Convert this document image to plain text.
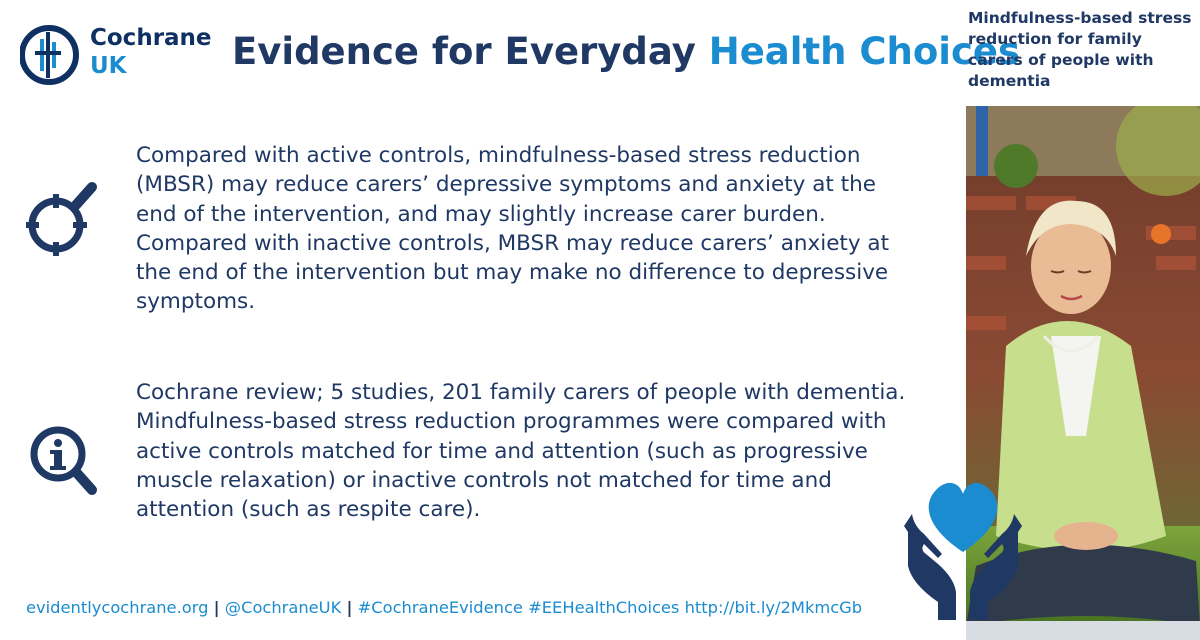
Cochrane
UK	Evidence for Everyday Health Choices
Mindfulness-based stress reduction for family carers of people with dementia
Compared with active controls, mindfulness-based stress reduction
(MBSR) may reduce carers’ depressive symptoms and anxiety at the
end of the intervention, and may slightly increase carer burden.
Compared with inactive controls, MBSR may reduce carers’ anxiety at
the end of the intervention but may make no difference to depressive
symptoms.
Cochrane review; 5 studies, 201 family carers of people with dementia.
Mindfulness-based stress reduction programmes were compared with
active controls matched for time and attention (such as progressive
muscle relaxation) or inactive controls not matched for time and
attention (such as respite care).
evidentlycochrane.org | @CochraneUK | #CochraneEvidence #EEHealthChoices http://bit.ly/2MkmcGb
